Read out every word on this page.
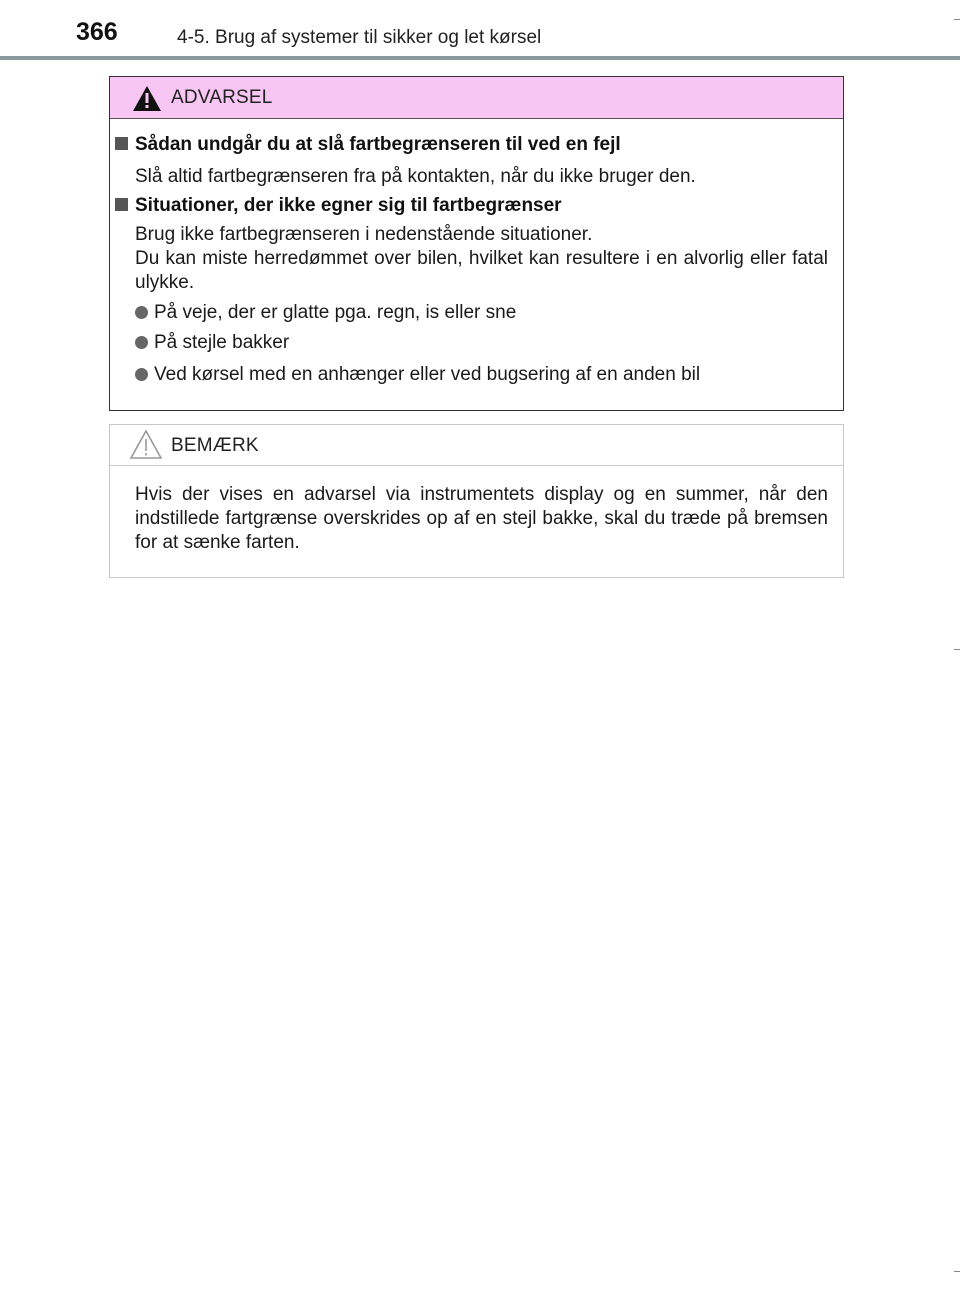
366	4-5. Brug af systemer til sikker og let kørsel
ADVARSEL
Sådan undgår du at slå fartbegrænseren til ved en fejl
Slå altid fartbegrænseren fra på kontakten, når du ikke bruger den.
Situationer, der ikke egner sig til fartbegrænser
Brug ikke fartbegrænseren i nedenstående situationer.
Du kan miste herredømmet over bilen, hvilket kan resultere i en alvorlig eller fatal ulykke.
På veje, der er glatte pga. regn, is eller sne
På stejle bakker
Ved kørsel med en anhænger eller ved bugsering af en anden bil
BEMÆRK
Hvis der vises en advarsel via instrumentets display og en summer, når den indstillede fartgrænse overskrides op af en stejl bakke, skal du træde på bremsen for at sænke farten.
